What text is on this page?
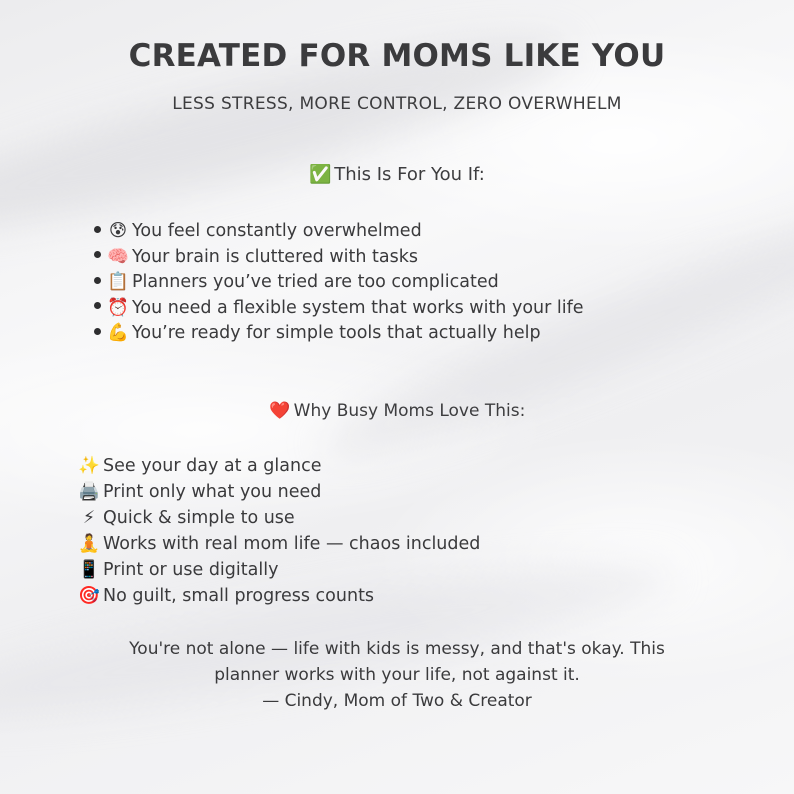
CREATED FOR MOMS LIKE YOU
LESS STRESS, MORE CONTROL, ZERO OVERWHELM
✅ This Is For You If:
😰 You feel constantly overwhelmed
🧠 Your brain is cluttered with tasks
📋 Planners you’ve tried are too complicated
⏰ You need a flexible system that works with your life
💪 You’re ready for simple tools that actually help
❤️ Why Busy Moms Love This:
✨ See your day at a glance
🖨️ Print only what you need
⚡ Quick & simple to use
🧘 Works with real mom life — chaos included
📱 Print or use digitally
🎯 No guilt, small progress counts
You're not alone — life with kids is messy, and that's okay. This
planner works with your life, not against it.
— Cindy, Mom of Two & Creator
